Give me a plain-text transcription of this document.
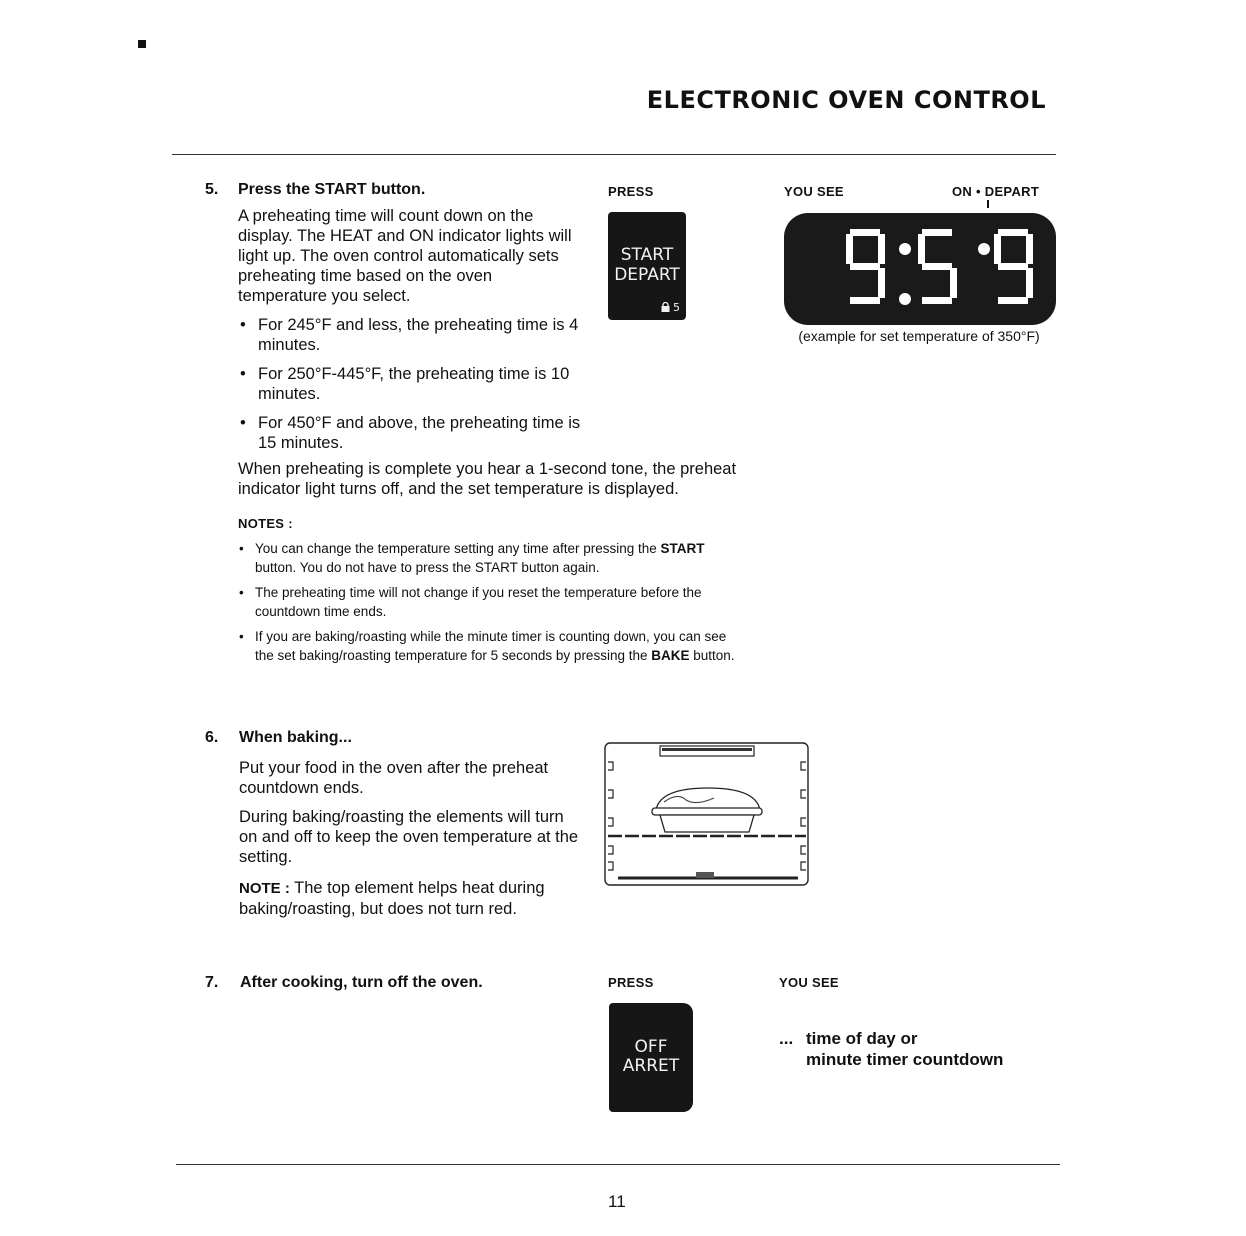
ELECTRONIC OVEN CONTROL
5. Press the START button.
A preheating time will count down on the display. The HEAT and ON indicator lights will light up. The oven control automatically sets preheating time based on the oven temperature you select.
• For 245°F and less, the preheating time is 4 minutes.
• For 250°F-445°F, the preheating time is 10 minutes.
• For 450°F and above, the preheating time is 15 minutes.
When preheating is complete you hear a 1-second tone, the preheat indicator light turns off, and the set temperature is displayed.
PRESS
START
DEPART
5
YOU SEE	ON • DEPART
(example for set temperature of 350°F)
NOTES :
• You can change the temperature setting any time after pressing the START button. You do not have to press the START button again.
• The preheating time will not change if you reset the temperature before the countdown time ends.
• If you are baking/roasting while the minute timer is counting down, you can see the set baking/roasting temperature for 5 seconds by pressing the BAKE button.
6. When baking...
Put your food in the oven after the preheat countdown ends.
During baking/roasting the elements will turn on and off to keep the oven temperature at the setting.
NOTE : The top element helps heat during baking/roasting, but does not turn red.
7. After cooking, turn off the oven.	PRESS
OFF
ARRET
YOU SEE
... time of day or
minute timer countdown
11
